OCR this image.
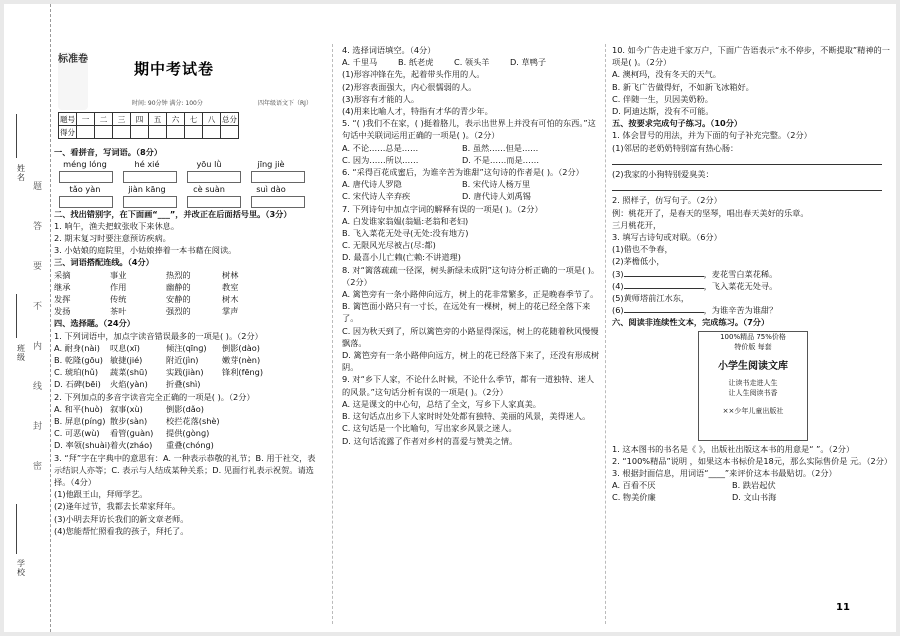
姓名
班级
学校
题
答
要
不
内
线
封
密
标准卷
期中考试卷
时间: 90分钟 满分: 100分	四年级语文下（RJ）
题号	一	二	三	四	五	六	七	八	总分
得分									
一、看拼音，写词语。（8分）
méng lóng	hé xié	yōu lǜ	jīng jiè
tǎo yàn	jiàn kāng	cè suàn	suì dào
二、找出错别字，在下面画“___”，并改正在后面括号里。（3分）
1. 响午，渔夫把蚊张收下来休息。
2. 期末复习时要注意预访疾病。
3. 小姑娘的庭院里，小姑娘捧着一本书藉在阅读。
三、词语搭配连线。（4分）
采摘	事业	热烈的	树林
继承	作用	幽静的	教室
发挥	传统	安静的	树木
发扬	茶叶	强烈的	掌声
四、选择题。（24分）
1. 下列词语中，加点字读音错误最多的一项是( )。（2分）
A. 耐身(nài) 叹息(xī)	倾注(qīnɡ) 倒影(dào)
B. 乾隆(gōu) 敏捷(jié)	附近(jìn)	嫩芽(nèn)
C. 琥珀(hǔ) 蔬菜(shū) 实践(jiàn) 锋利(fēng)
D. 石碑(bēi) 火焰(yàn) 折叠(shì)
2. 下列加点的多音字读音完全正确的一项是( )。（2分）
A. 和平(huò) 叙事(xù)	倒影(dǎo)
B. 屏息(pínɡ) 散步(sàn) 校拦花落(shè)
C. 可恶(wù) 看管(ɡuàn) 提供(ɡònɡ)
D. 率领(shuài)着火(zháo) 重叠(chónɡ)
3. “拜”字在字典中的意思有：A. 一种表示恭敬的礼节；B. 用于社交，表示结识人亦等；C. 表示与人结成某种关系；D. 见面行礼表示祝贺。请选择。（4分）
(1)他跟王山，拜师学艺。
(2)逢年过节，我都去长辈家拜年。
(3)小明去拜访长我们的新文章老师。
(4)您能帮忙照看我的孩子，拜托了。
4. 选择词语填空。（4分）
A. 千里马	B. 纸老虎	C. 领头羊	D. 草鸭子
(1)形容冲锋在先，起着带头作用的人。
(2)形容表面强大，内心很懦弱的人。
(3)形容有才能的人。
(4)用来比喻人才，特指有才华的青少年。
5. “( )我们不在家，( )挺着胳儿，表示出世界上并没有可怕的东西。”这句话中关联词运用正确的一项是( )。（2分）
A. 不论……总是……	B. 虽然……但是……
C. 因为……所以……	D. 不是……而是……
6. “采得百花成蜜后，为谁辛苦为谁甜”这句诗的作者是( )。（2分）
A. 唐代诗人罗隐	B. 宋代诗人杨万里
C. 宋代诗人辛弃疾	D. 唐代诗人刘禹锡
7. 下列诗句中加点字词的解释有误的一项是( )。（2分）
A. 白发谁家翁媪(翁媪:老翁和老妇)
B. 飞入菜花无处寻(无处:没有地方)
C. 无限风光尽被占(尽:都)
D. 最喜小儿亡赖(亡赖:不讲道理)
8. 对“篱落疏疏一径深，树头新绿未成阴”这句诗分析正确的一项是( )。（2分）
A. 篱笆旁有一条小路伸向远方，树上的花非常繁多，正是晚春季节了。
B. 篱笆面小路只有一寸长，在远处有一棵树，树上的花已经全落下来了。
C. 因为秋天到了，所以篱笆旁的小路显得深远，树上的花随着秋风慢慢飘落。
D. 篱笆旁有一条小路伸向远方，树上的花已经落下来了，还没有形成树阴。
9. 对“乡下人家，不论什么时候，不论什么季节，都有一道独特、迷人的风景。”这句话分析有误的一项是( )。（2分）
A. 这是课文的中心句，总结了全文，写乡下人家真美。
B. 这句话点出乡下人家时时处处都有独特、美丽的风景，美得迷人。
C. 这句话是一个比喻句，写出家乡风景之迷人。
D. 这句话流露了作者对乡村的喜爱与赞美之情。
10. 如今广告走进千家万户，下面广告语表示“永不停步，不断提取”精神的一项是( )。（2分）
A. 澳柯玛，没有冬天的天气。
B. 新飞广告做得好，不如新飞冰箱好。
C. 伴随一生，贝因美奶粉。
D. 阿迪达斯，没有不可能。
五、按要求完成句子练习。（10分）
1. 体会冒号的用法，并为下面的句子补充完整。（2分）
(1)邻居的老奶奶特别富有热心肠：
(2)我家的小狗特别爱臭美：
2. 照样子，仿写句子。（2分）
例：桃花开了，是春天的坚琴，唱出春天美好的乐章。
三月桃花开，
3. 填写古诗句或对联。（6分）
(1)借也不争春，
(2)茅檐低小，
(3)	，麦花雪白菜花稀。
(4)	，飞入菜花无处寻。
(5)黄师塔前江水东，
(6)	，为谁辛苦为谁甜？
六、阅读非连续性文本，完成练习。（7分）
100%精品 75%价格
特价版 每套
小学生阅读文库
让读书走进人生
让人生阅读书香
××少年儿童出版社
1. 这本图书的书名是《 》，出版社出版这本书的用意是“ ”。（2分）
2. “100%精品”说明 ，如果这本书标价是18元，那么实际售价是 元。（2分）
3. 根据封面信息，用词语“____”来评价这本书最贴切。（2分）
A. 百看不厌	B. 跌岩起伏
C. 物美价廉	D. 文山书海
11
